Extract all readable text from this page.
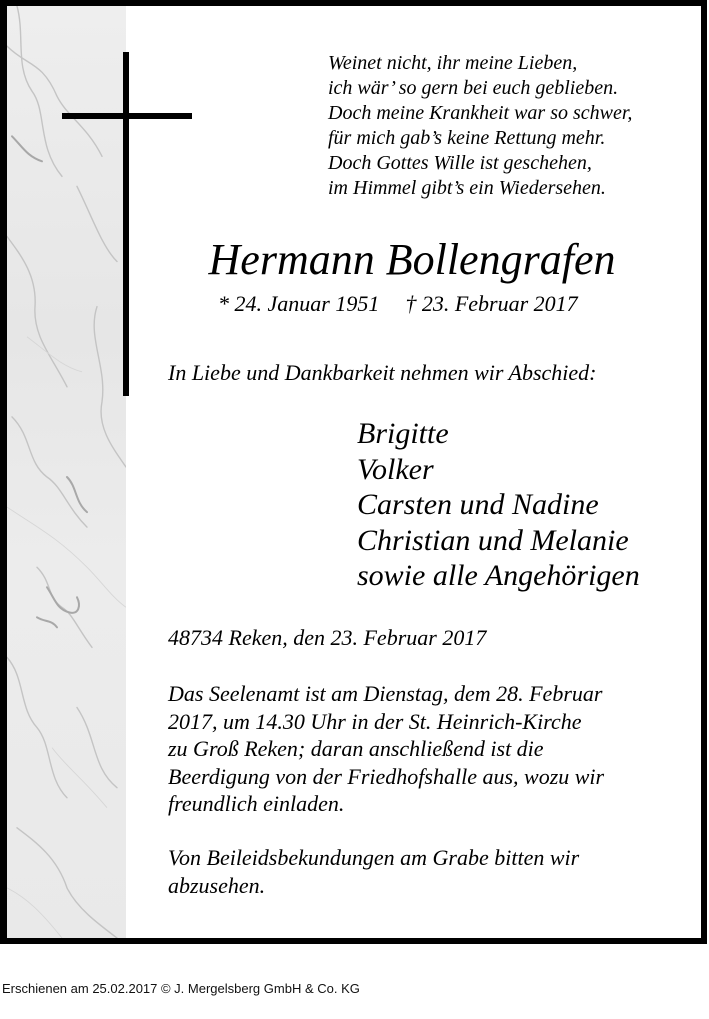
Weinet nicht, ihr meine Lieben,
ich wär’ so gern bei euch geblieben.
Doch meine Krankheit war so schwer,
für mich gab’s keine Rettung mehr.
Doch Gottes Wille ist geschehen,
im Himmel gibt’s ein Wiedersehen.
Hermann Bollengrafen
* 24. Januar 1951 † 23. Februar 2017
In Liebe und Dankbarkeit nehmen wir Abschied:
Brigitte
Volker
Carsten und Nadine
Christian und Melanie
sowie alle Angehörigen
48734 Reken, den 23. Februar 2017
Das Seelenamt ist am Dienstag, dem 28. Februar
2017, um 14.30 Uhr in der St. Heinrich-Kirche
zu Groß Reken; daran anschließend ist die
Beerdigung von der Friedhofshalle aus, wozu wir
freundlich einladen.
Von Beileidsbekundungen am Grabe bitten wir
abzusehen.
Erschienen am 25.02.2017 © J. Mergelsberg GmbH & Co. KG
